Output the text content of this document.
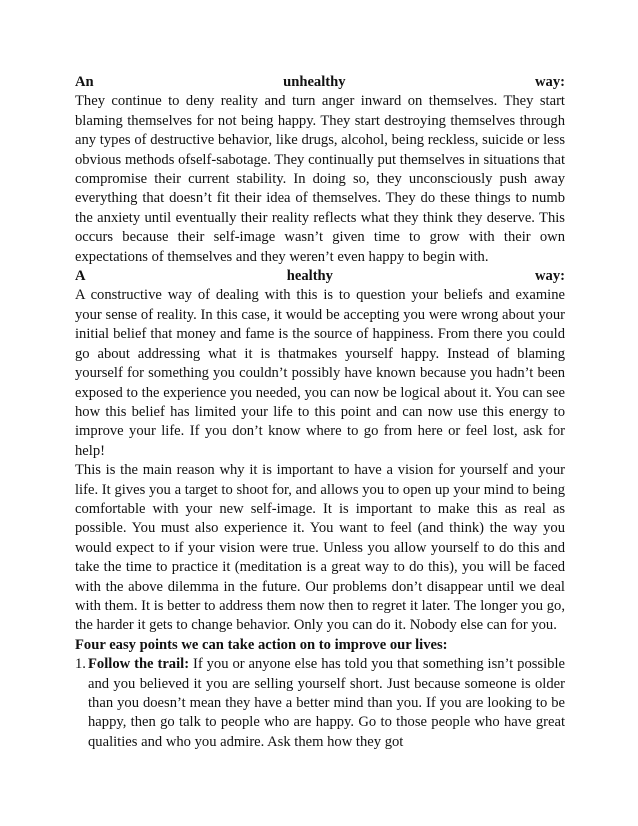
An unhealthy way:

They continue to deny reality and turn anger inward on themselves. They start blaming themselves for not being happy. They start destroying themselves through any types of destructive behavior, like drugs, alcohol, being reckless, suicide or less obvious methods ofself-sabotage. They continually put themselves in situations that compromise their current stability. In doing so, they unconsciously push away everything that doesn’t fit their idea of themselves. They do these things to numb the anxiety until eventually their reality reflects what they think they deserve. This occurs because their self-image wasn’t given time to grow with their own expectations of themselves and they weren’t even happy to begin with.

A healthy way:

A constructive way of dealing with this is to question your beliefs and examine your sense of reality. In this case, it would be accepting you were wrong about your initial belief that money and fame is the source of happiness. From there you could go about addressing what it is thatmakes yourself happy. Instead of blaming yourself for something you couldn’t possibly have known because you hadn’t been exposed to the experience you needed, you can now be logical about it. You can see how this belief has limited your life to this point and can now use this energy to improve your life. If you don’t know where to go from here or feel lost, ask for help!

This is the main reason why it is important to have a vision for yourself and your life. It gives you a target to shoot for, and allows you to open up your mind to being comfortable with your new self-image. It is important to make this as real as possible. You must also experience it. You want to feel (and think) the way you would expect to if your vision were true. Unless you allow yourself to do this and take the time to practice it (meditation is a great way to do this), you will be faced with the above dilemma in the future. Our problems don’t disappear until we deal with them. It is better to address them now then to regret it later. The longer you go, the harder it gets to change behavior. Only you can do it. Nobody else can for you.

Four easy points we can take action on to improve our lives:

1. Follow the trail: If you or anyone else has told you that something isn’t possible and you believed it you are selling yourself short. Just because someone is older than you doesn’t mean they have a better mind than you. If you are looking to be happy, then go talk to people who are happy. Go to those people who have great qualities and who you admire. Ask them how they got
